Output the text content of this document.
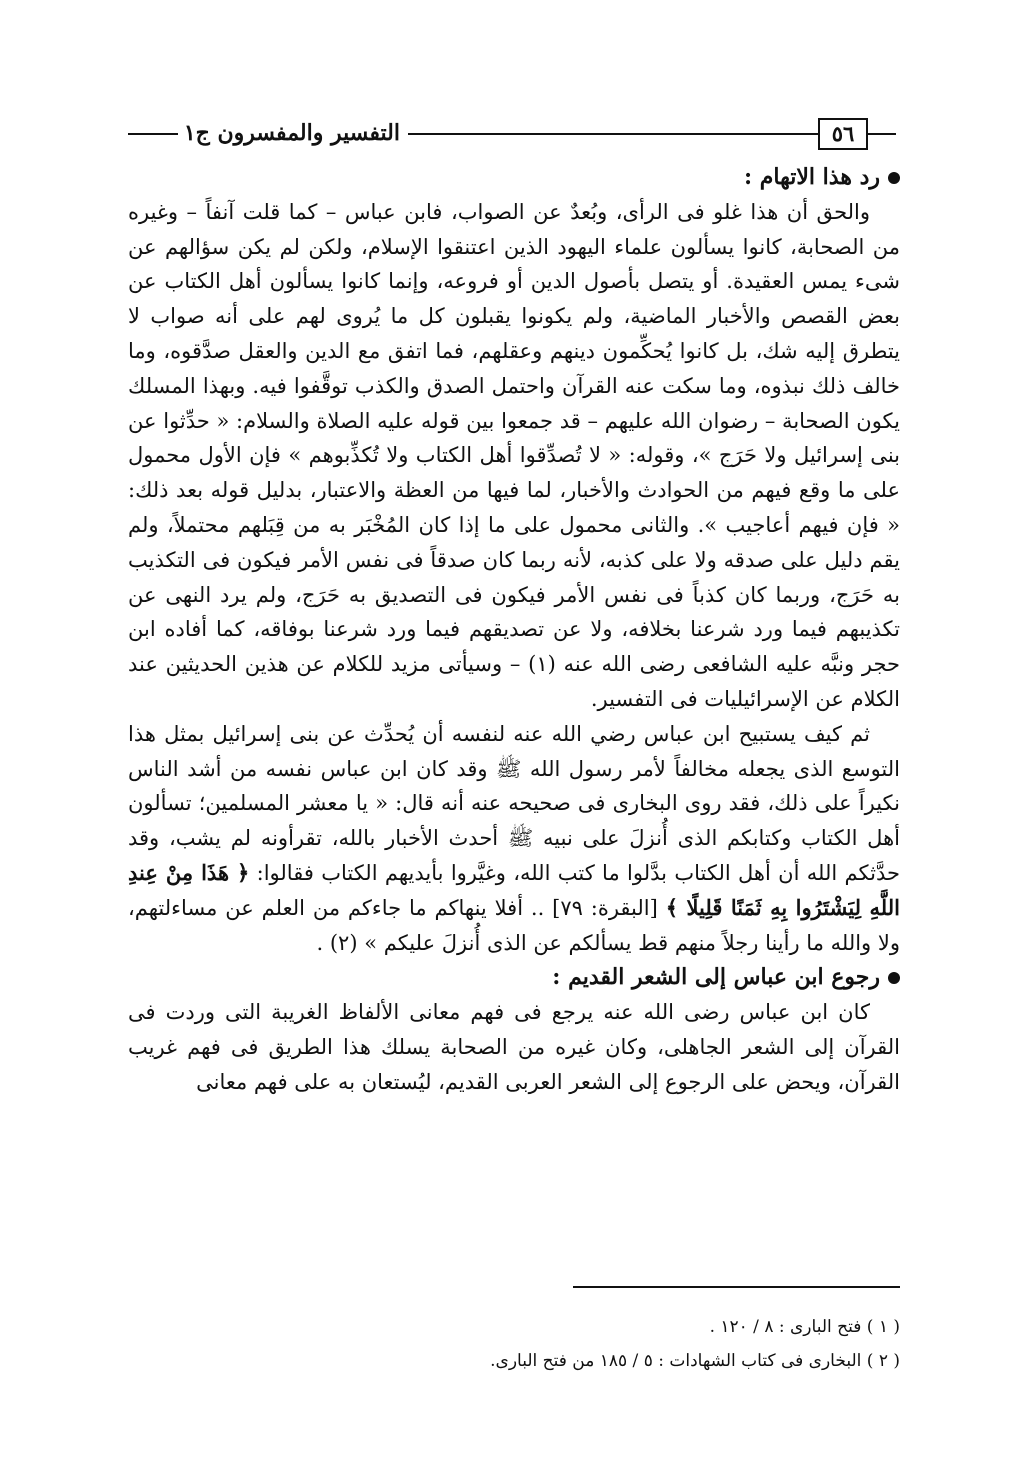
التفسير والمفسرون ج١	٥٦
رد هذا الاتهام :

والحق أن هذا غلو فى الرأى، وبُعدٌ عن الصواب، فابن عباس – كما قلت آنفاً – وغيره من الصحابة، كانوا يسألون علماء اليهود الذين اعتنقوا الإسلام، ولكن لم يكن سؤالهم عن شىء يمس العقيدة. أو يتصل بأصول الدين أو فروعه، وإنما كانوا يسألون أهل الكتاب عن بعض القصص والأخبار الماضية، ولم يكونوا يقبلون كل ما يُروى لهم على أنه صواب لا يتطرق إليه شك، بل كانوا يُحكِّمون دينهم وعقلهم، فما اتفق مع الدين والعقل صدَّقوه، وما خالف ذلك نبذوه، وما سكت عنه القرآن واحتمل الصدق والكذب توقَّفوا فيه. وبهذا المسلك يكون الصحابة – رضوان الله عليهم – قد جمعوا بين قوله عليه الصلاة والسلام: « حدِّثوا عن بنى إسرائيل ولا حَرَج »، وقوله: « لا تُصدِّقوا أهل الكتاب ولا تُكذِّبوهم » فإن الأول محمول على ما وقع فيهم من الحوادث والأخبار، لما فيها من العظة والاعتبار، بدليل قوله بعد ذلك: « فإن فيهم أعاجيب ». والثانى محمول على ما إذا كان المُخْبَر به من قِبَلهم محتملاً، ولم يقم دليل على صدقه ولا على كذبه، لأنه ربما كان صدقاً فى نفس الأمر فيكون فى التكذيب به حَرَج، وربما كان كذباً فى نفس الأمر فيكون فى التصديق به حَرَج، ولم يرد النهى عن تكذيبهم فيما ورد شرعنا بخلافه، ولا عن تصديقهم فيما ورد شرعنا بوفاقه، كما أفاده ابن حجر ونبَّه عليه الشافعى رضى الله عنه (١) – وسيأتى مزيد للكلام عن هذين الحديثين عند الكلام عن الإسرائيليات فى التفسير.

ثم كيف يستبيح ابن عباس رضي الله عنه لنفسه أن يُحدِّث عن بنى إسرائيل بمثل هذا التوسع الذى يجعله مخالفاً لأمر رسول الله ﷺ وقد كان ابن عباس نفسه من أشد الناس نكيراً على ذلك، فقد روى البخارى فى صحيحه عنه أنه قال: « يا معشر المسلمين؛ تسألون أهل الكتاب وكتابكم الذى أُنزلَ على نبيه ﷺ أحدث الأخبار بالله، تقرأونه لم يشب، وقد حدَّثكم الله أن أهل الكتاب بدَّلوا ما كتب الله، وغيَّروا بأيديهم الكتاب فقالوا: ﴿ هَذَا مِنْ عِندِ اللَّهِ لِيَشْتَرُوا بِهِ ثَمَنًا قَلِيلًا ﴾ [البقرة: ٧٩] .. أفلا ينهاكم ما جاءكم من العلم عن مساءلتهم، ولا والله ما رأينا رجلاً منهم قط يسألكم عن الذى أُنزلَ عليكم » (٢) .

رجوع ابن عباس إلى الشعر القديم :

كان ابن عباس رضى الله عنه يرجع فى فهم معانى الألفاظ الغريبة التى وردت فى القرآن إلى الشعر الجاهلى، وكان غيره من الصحابة يسلك هذا الطريق فى فهم غريب القرآن، ويحض على الرجوع إلى الشعر العربى القديم، ليُستعان به على فهم معانى

( ١ ) فتح البارى : ٨ / ١٢٠ .
( ٢ ) البخارى فى كتاب الشهادات : ٥ / ١٨٥ من فتح البارى.
